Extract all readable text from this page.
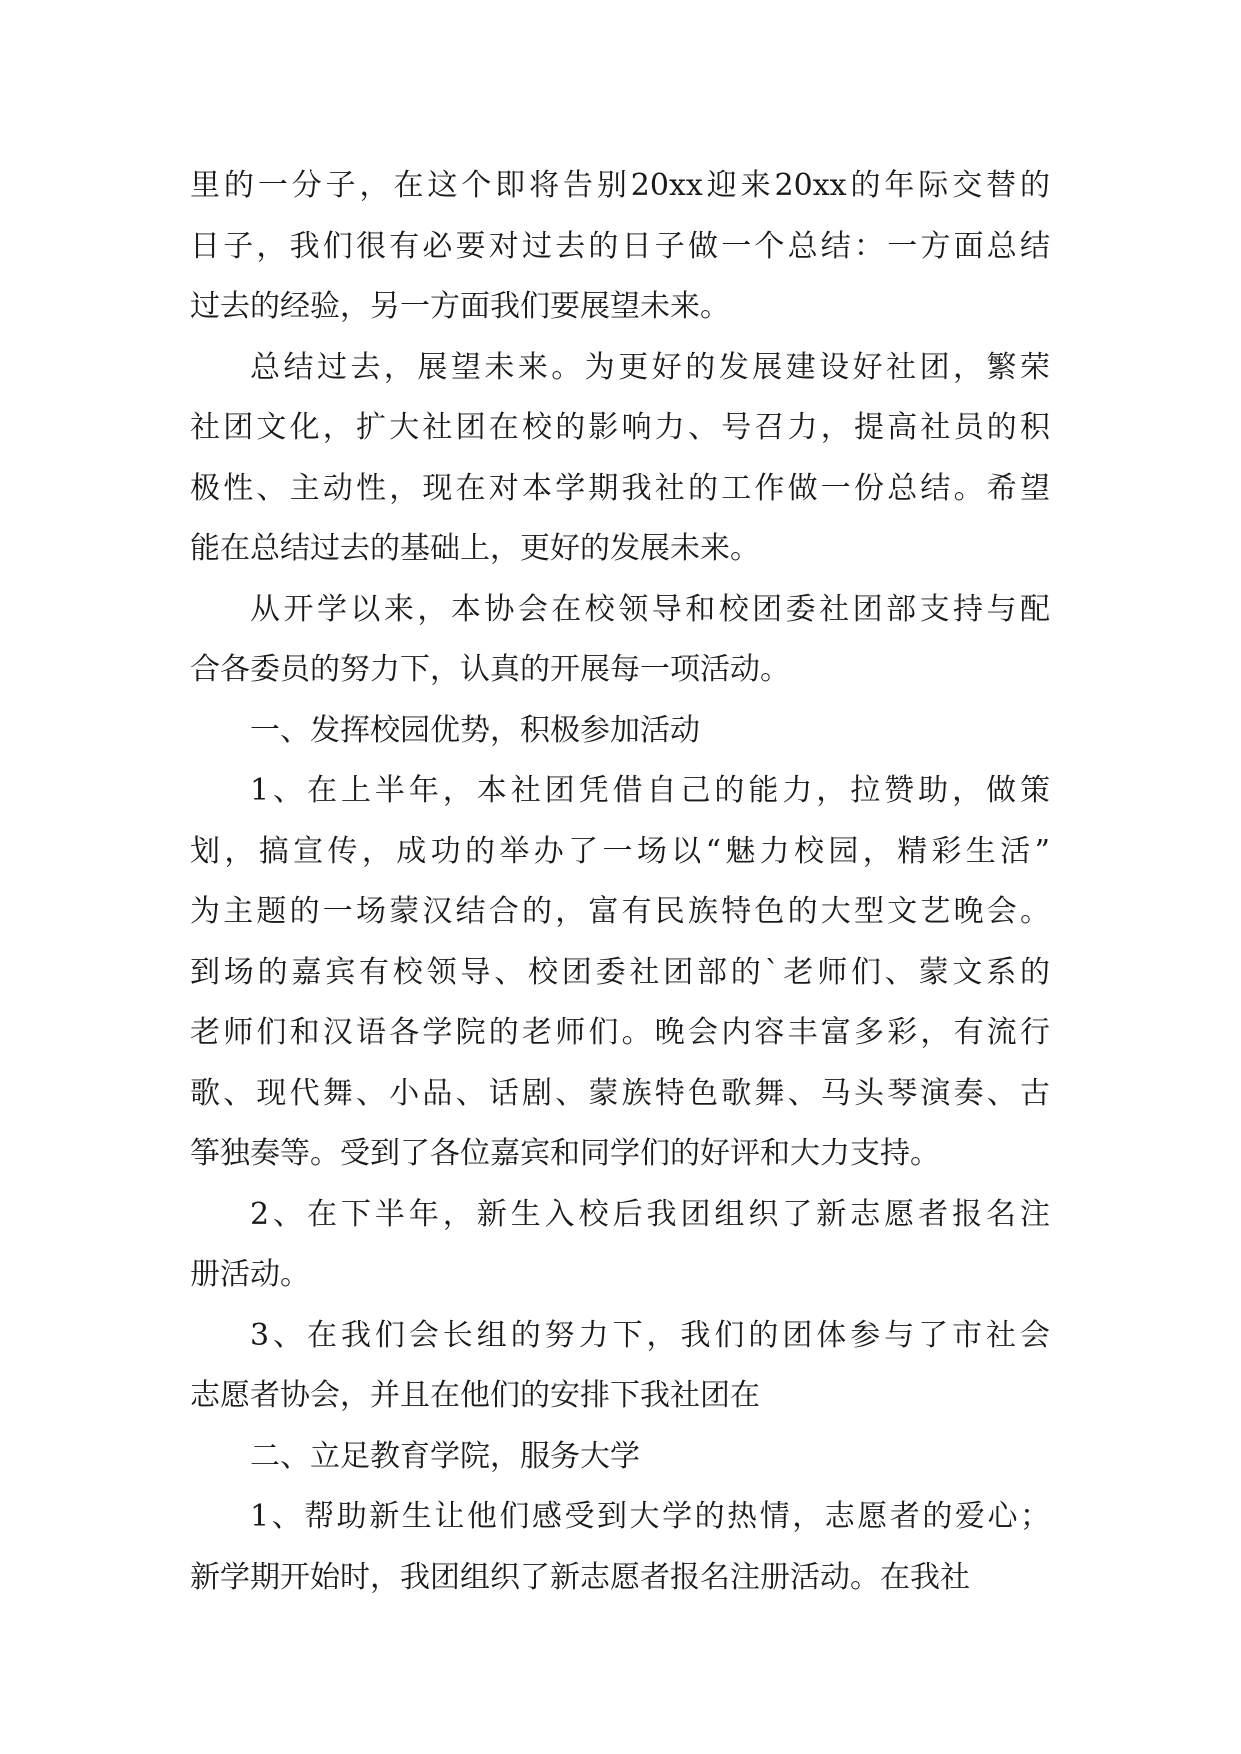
里的一分子，在这个即将告别20xx迎来20xx的年际交替的
日子，我们很有必要对过去的日子做一个总结：一方面总结
过去的经验，另一方面我们要展望未来。

总结过去，展望未来。为更好的发展建设好社团，繁荣
社团文化，扩大社团在校的影响力、号召力，提高社员的积
极性、主动性，现在对本学期我社的工作做一份总结。希望
能在总结过去的基础上，更好的发展未来。

从开学以来，本协会在校领导和校团委社团部支持与配
合各委员的努力下，认真的开展每一项活动。

一、发挥校园优势，积极参加活动

1、在上半年，本社团凭借自己的能力，拉赞助，做策
划，搞宣传，成功的举办了一场以“魅力校园，精彩生活”
为主题的一场蒙汉结合的，富有民族特色的大型文艺晚会。
到场的嘉宾有校领导、校团委社团部的`老师们、蒙文系的
老师们和汉语各学院的老师们。晚会内容丰富多彩，有流行
歌、现代舞、小品、话剧、蒙族特色歌舞、马头琴演奏、古
筝独奏等。受到了各位嘉宾和同学们的好评和大力支持。

2、在下半年，新生入校后我团组织了新志愿者报名注
册活动。

3、在我们会长组的努力下，我们的团体参与了市社会
志愿者协会，并且在他们的安排下我社团在

二、立足教育学院，服务大学

1、帮助新生让他们感受到大学的热情，志愿者的爱心；
新学期开始时，我团组织了新志愿者报名注册活动。在我社
